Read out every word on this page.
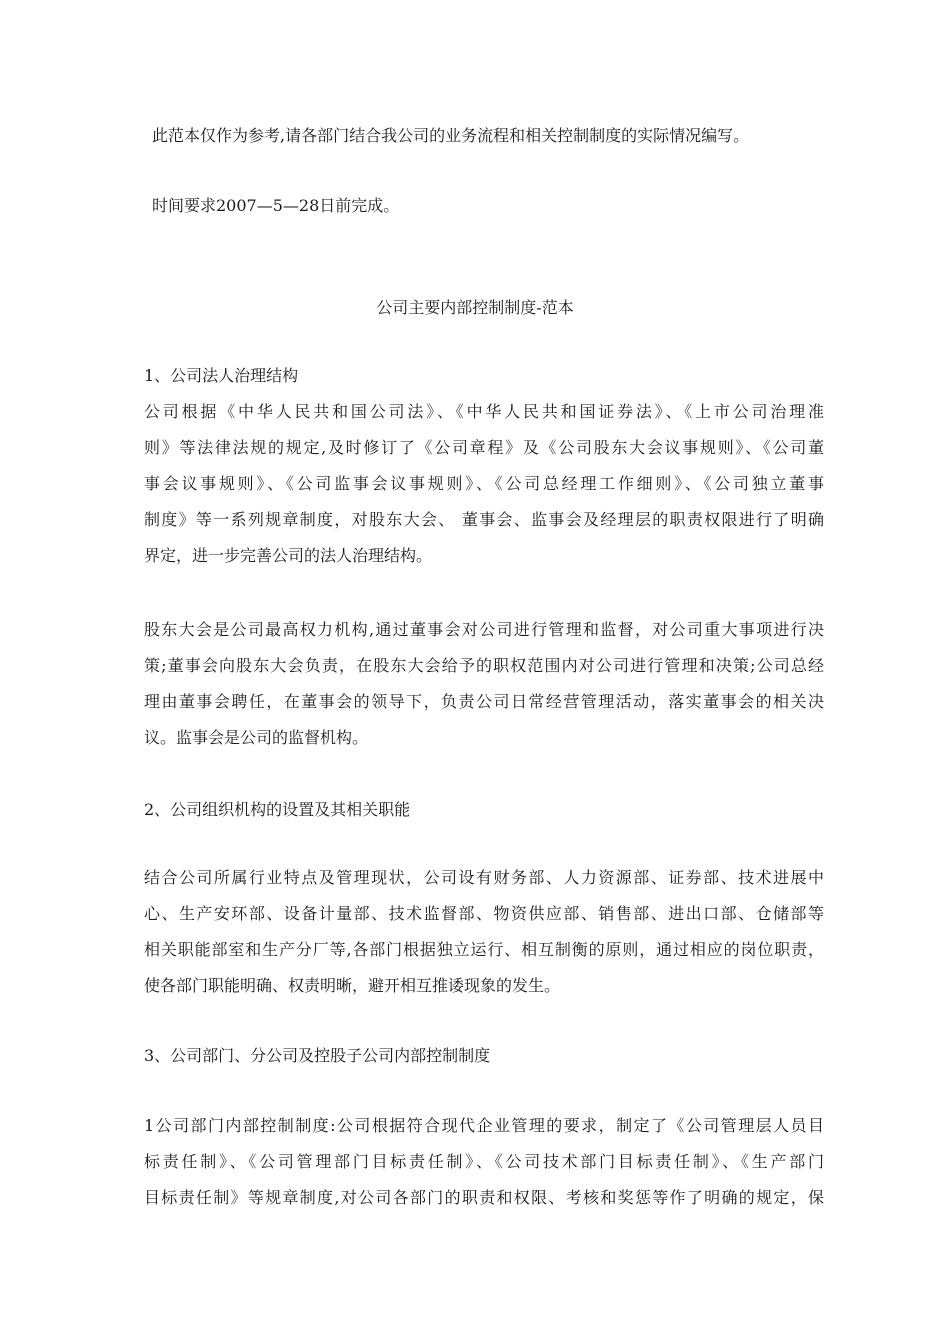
此范本仅作为参考,请各部门结合我公司的业务流程和相关控制制度的实际情况编写。
时间要求2007—5—28日前完成。
公司主要内部控制制度-范本
1、公司法人治理结构
公司根据《中华人民共和国公司法》、《中华人民共和国证券法》、《上市公司治理准
则》等法律法规的规定,及时修订了《公司章程》及《公司股东大会议事规则》、《公司董
事会议事规则》、《公司监事会议事规则》、《公司总经理工作细则》、《公司独立董事
制度》等一系列规章制度，对股东大会、 董事会、监事会及经理层的职责权限进行了明确
界定，进一步完善公司的法人治理结构。
股东大会是公司最高权力机构,通过董事会对公司进行管理和监督，对公司重大事项进行决
策;董事会向股东大会负责，在股东大会给予的职权范围内对公司进行管理和决策;公司总经
理由董事会聘任，在董事会的领导下，负责公司日常经营管理活动，落实董事会的相关决
议。监事会是公司的监督机构。
2、公司组织机构的设置及其相关职能
结合公司所属行业特点及管理现状，公司设有财务部、人力资源部、证券部、技术进展中
心、生产安环部、设备计量部、技术监督部、物资供应部、销售部、进出口部、仓储部等
相关职能部室和生产分厂等,各部门根据独立运行、相互制衡的原则，通过相应的岗位职责，
使各部门职能明确、权责明晰，避开相互推诿现象的发生。
3、公司部门、分公司及控股子公司内部控制制度
1公司部门内部控制制度:公司根据符合现代企业管理的要求，制定了《公司管理层人员目
标责任制》、《公司管理部门目标责任制》、《公司技术部门目标责任制》、《生产部门
目标责任制》等规章制度,对公司各部门的职责和权限、考核和奖惩等作了明确的规定，保
